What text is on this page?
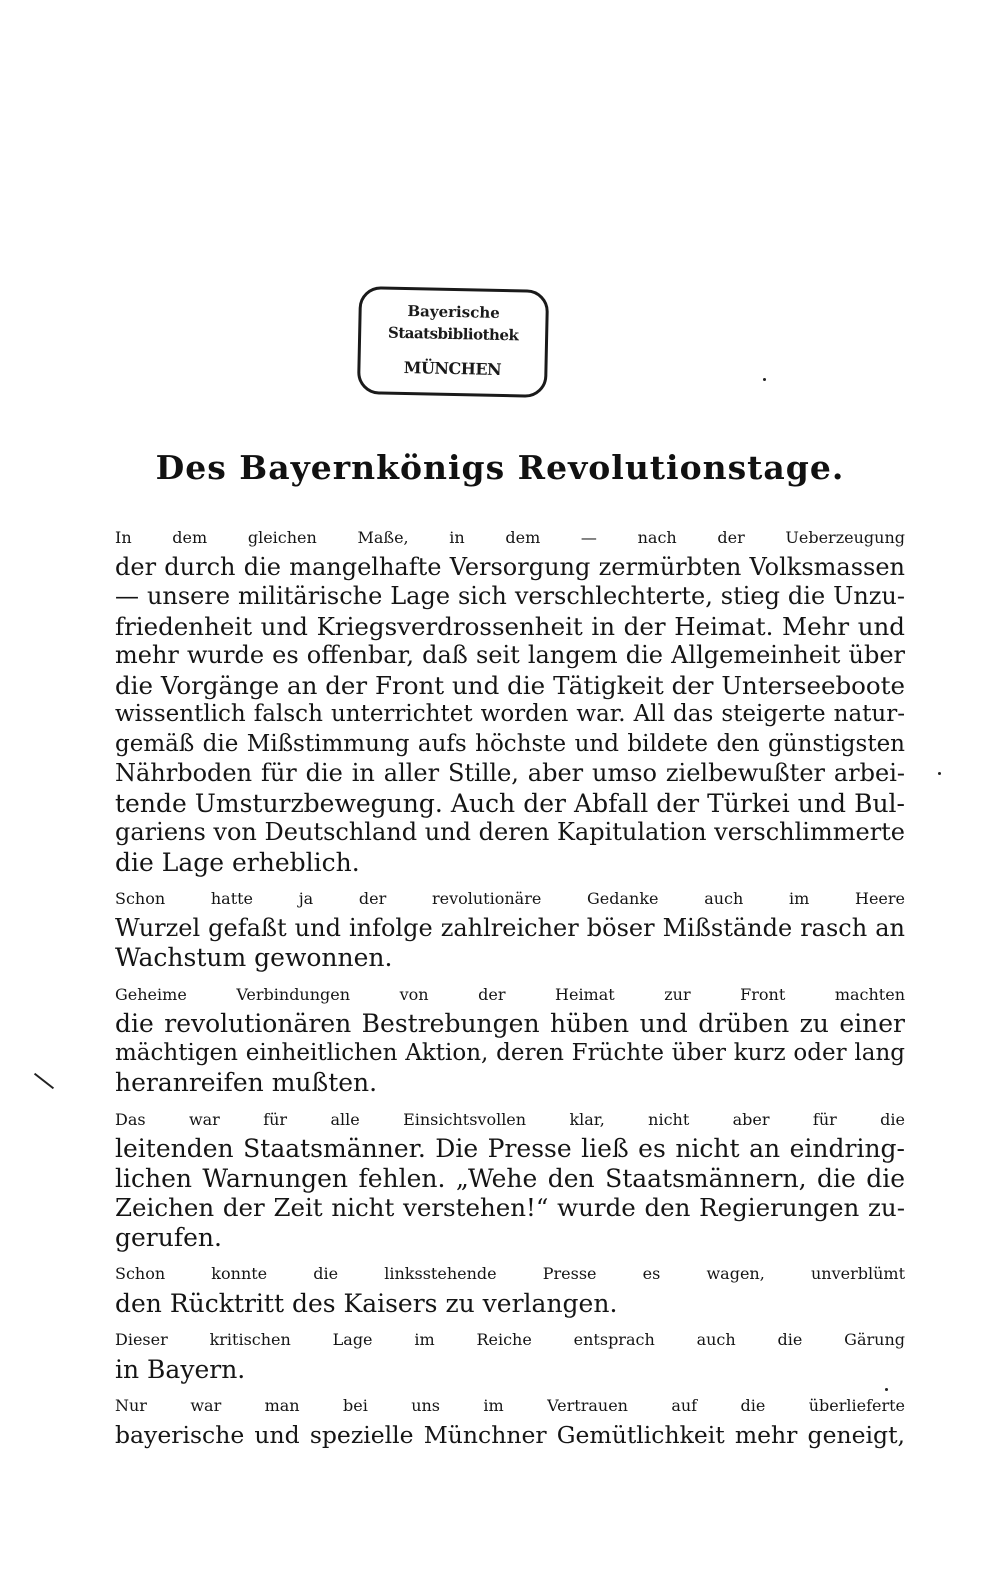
Bayerische
Staatsbibliothek
MÜNCHEN
Des Bayernkönigs Revolutionstage.

In dem gleichen Maße, in dem — nach der Ueberzeugung
der durch die mangelhafte Versorgung zermürbten Volksmassen
— unsere militärische Lage sich verschlechterte, stieg die Unzu-
friedenheit und Kriegsverdrossenheit in der Heimat. Mehr und
mehr wurde es offenbar, daß seit langem die Allgemeinheit über
die Vorgänge an der Front und die Tätigkeit der Unterseeboote
wissentlich falsch unterrichtet worden war. All das steigerte natur-
gemäß die Mißstimmung aufs höchste und bildete den günstigsten
Nährboden für die in aller Stille, aber umso zielbewußter arbei-
tende Umsturzbewegung. Auch der Abfall der Türkei und Bul-
gariens von Deutschland und deren Kapitulation verschlimmerte
die Lage erheblich.

Schon hatte ja der revolutionäre Gedanke auch im Heere
Wurzel gefaßt und infolge zahlreicher böser Mißstände rasch an
Wachstum gewonnen.

Geheime Verbindungen von der Heimat zur Front machten
die revolutionären Bestrebungen hüben und drüben zu einer
mächtigen einheitlichen Aktion, deren Früchte über kurz oder lang
heranreifen mußten.

Das war für alle Einsichtsvollen klar, nicht aber für die
leitenden Staatsmänner. Die Presse ließ es nicht an eindring-
lichen Warnungen fehlen. „Wehe den Staatsmännern, die die
Zeichen der Zeit nicht verstehen!“ wurde den Regierungen zu-
gerufen.

Schon konnte die linksstehende Presse es wagen, unverblümt
den Rücktritt des Kaisers zu verlangen.

Dieser kritischen Lage im Reiche entsprach auch die Gärung
in Bayern.

Nur war man bei uns im Vertrauen auf die überlieferte
bayerische und spezielle Münchner Gemütlichkeit mehr geneigt,
